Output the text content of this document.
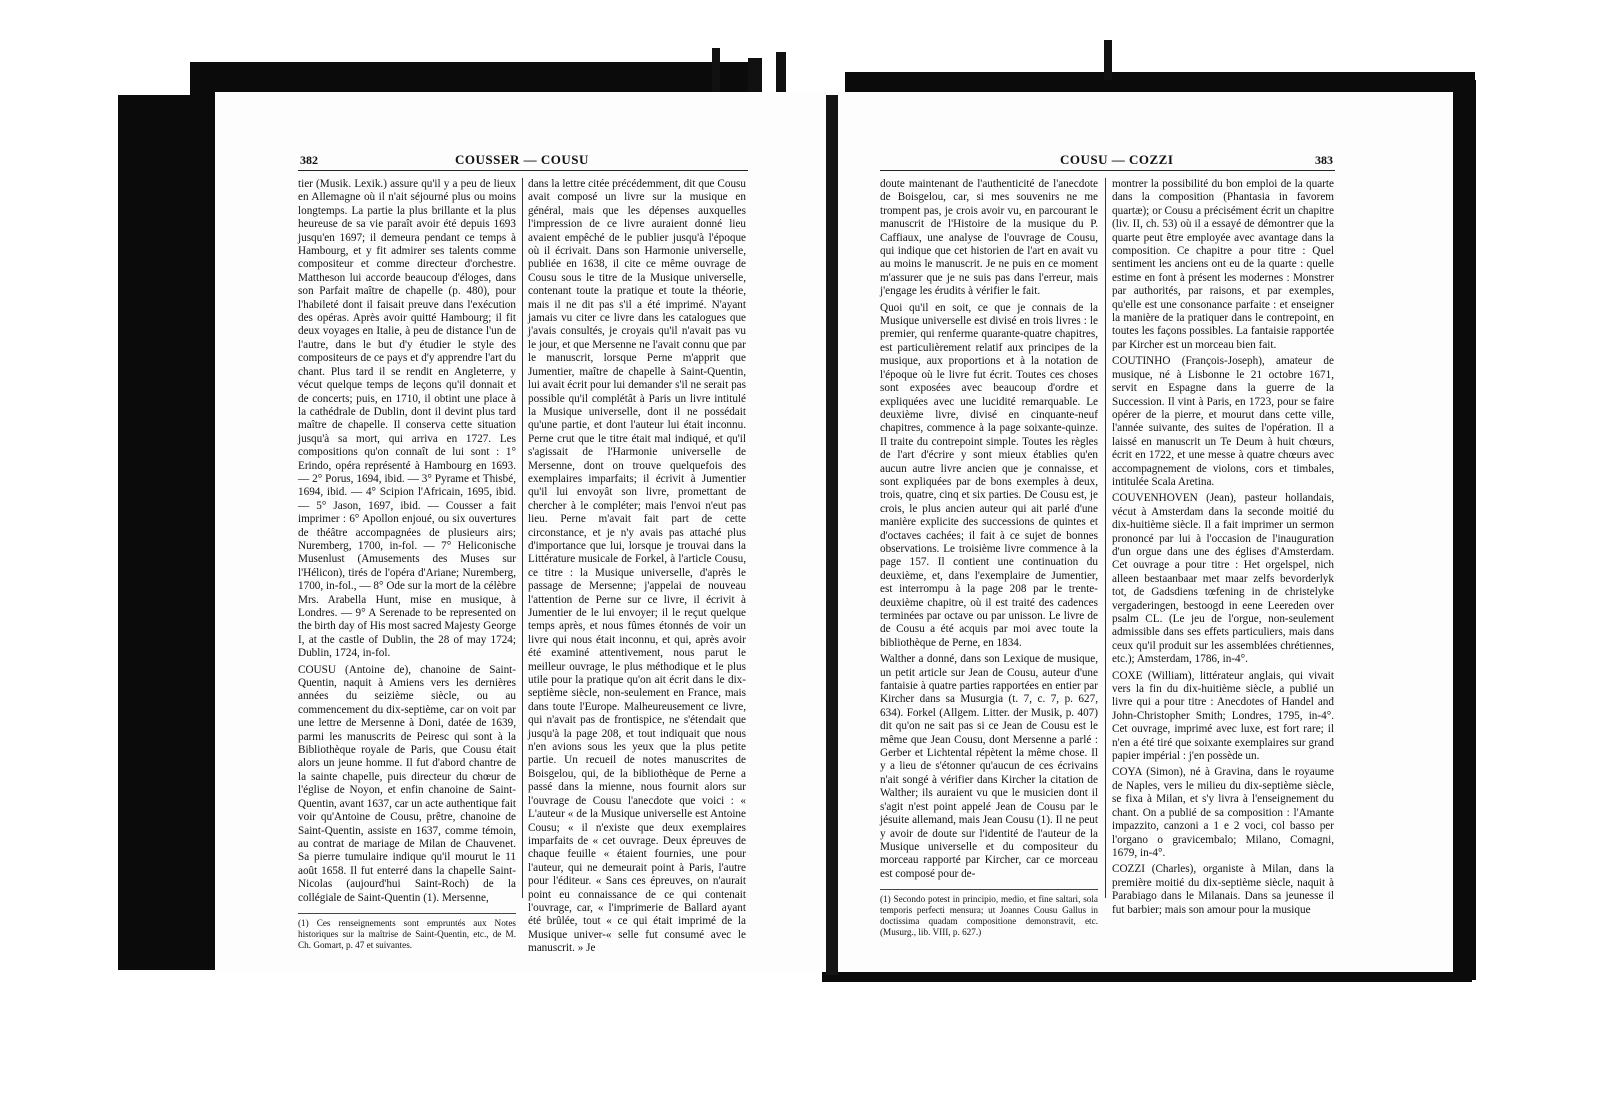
382	COUSSER — COUSU

tier (Musik. Lexik.) assure qu'il y a peu de lieux en Allemagne où il n'ait séjourné plus ou moins longtemps. La partie la plus brillante et la plus heureuse de sa vie paraît avoir été depuis 1693 jusqu'en 1697; il demeura pendant ce temps à Hambourg, et y fit admirer ses talents comme compositeur et comme directeur d'orchestre. Mattheson lui accorde beaucoup d'éloges, dans son Parfait maître de chapelle (p. 480), pour l'habileté dont il faisait preuve dans l'exécution des opéras. Après avoir quitté Hambourg; il fit deux voyages en Italie, à peu de distance l'un de l'autre, dans le but d'y étudier le style des compositeurs de ce pays et d'y apprendre l'art du chant. Plus tard il se rendit en Angleterre, y vécut quelque temps de leçons qu'il donnait et de concerts; puis, en 1710, il obtint une place à la cathédrale de Dublin, dont il devint plus tard maître de chapelle. Il conserva cette situation jusqu'à sa mort, qui arriva en 1727. Les compositions qu'on connaît de lui sont : 1° Erindo, opéra représenté à Hambourg en 1693. — 2° Porus, 1694, ibid. — 3° Pyrame et Thisbé, 1694, ibid. — 4° Scipion l'Africain, 1695, ibid. — 5° Jason, 1697, ibid. — Cousser a fait imprimer : 6° Apollon enjoué, ou six ouvertures de théâtre accompagnées de plusieurs airs; Nuremberg, 1700, in-fol. — 7° Heliconische Musenlust (Amusements des Muses sur l'Hélicon), tirés de l'opéra d'Ariane; Nuremberg, 1700, in-fol., — 8° Ode sur la mort de la célèbre Mrs. Arabella Hunt, mise en musique, à Londres. — 9° A Serenade to be represented on the birth day of His most sacred Majesty George I, at the castle of Dublin, the 28 of may 1724; Dublin, 1724, in-fol.

COUSU (Antoine de), chanoine de Saint-Quentin, naquit à Amiens vers les dernières années du seizième siècle, ou au commencement du dix-septième, car on voit par une lettre de Mersenne à Doni, datée de 1639, parmi les manuscrits de Peiresc qui sont à la Bibliothèque royale de Paris, que Cousu était alors un jeune homme. Il fut d'abord chantre de la sainte chapelle, puis directeur du chœur de l'église de Noyon, et enfin chanoine de Saint-Quentin, avant 1637, car un acte authentique fait voir qu'Antoine de Cousu, prêtre, chanoine de Saint-Quentin, assiste en 1637, comme témoin, au contrat de mariage de Milan de Chauvenet. Sa pierre tumulaire indique qu'il mourut le 11 août 1658. Il fut enterré dans la chapelle Saint-Nicolas (aujourd'hui Saint-Roch) de la collégiale de Saint-Quentin (1). Mersenne,

(1) Ces renseignements sont empruntés aux Notes historiques sur la maîtrise de Saint-Quentin, etc., de M. Ch. Gomart, p. 47 et suivantes.

dans la lettre citée précédemment, dit que Cousu avait composé un livre sur la musique en général, mais que les dépenses auxquelles l'impression de ce livre auraient donné lieu avaient empêché de le publier jusqu'à l'époque où il écrivait. Dans son Harmonie universelle, publiée en 1638, il cite ce même ouvrage de Cousu sous le titre de la Musique universelle, contenant toute la pratique et toute la théorie, mais il ne dit pas s'il a été imprimé. N'ayant jamais vu citer ce livre dans les catalogues que j'avais consultés, je croyais qu'il n'avait pas vu le jour, et que Mersenne ne l'avait connu que par le manuscrit, lorsque Perne m'apprit que Jumentier, maître de chapelle à Saint-Quentin, lui avait écrit pour lui demander s'il ne serait pas possible qu'il complétât à Paris un livre intitulé la Musique universelle, dont il ne possédait qu'une partie, et dont l'auteur lui était inconnu. Perne crut que le titre était mal indiqué, et qu'il s'agissait de l'Harmonie universelle de Mersenne, dont on trouve quelquefois des exemplaires imparfaits; il écrivit à Jumentier qu'il lui envoyât son livre, promettant de chercher à le compléter; mais l'envoi n'eut pas lieu. Perne m'avait fait part de cette circonstance, et je n'y avais pas attaché plus d'importance que lui, lorsque je trouvai dans la Littérature musicale de Forkel, à l'article Cousu, ce titre : la Musique universelle, d'après le passage de Mersenne; j'appelai de nouveau l'attention de Perne sur ce livre, il écrivit à Jumentier de le lui envoyer; il le reçut quelque temps après, et nous fûmes étonnés de voir un livre qui nous était inconnu, et qui, après avoir été examiné attentivement, nous parut le meilleur ouvrage, le plus méthodique et le plus utile pour la pratique qu'on ait écrit dans le dix-septième siècle, non-seulement en France, mais dans toute l'Europe. Malheureusement ce livre, qui n'avait pas de frontispice, ne s'étendait que jusqu'à la page 208, et tout indiquait que nous n'en avions sous les yeux que la plus petite partie. Un recueil de notes manuscrites de Boisgelou, qui, de la bibliothèque de Perne a passé dans la mienne, nous fournit alors sur l'ouvrage de Cousu l'anecdote que voici : « L'auteur « de la Musique universelle est Antoine Cousu; « il n'existe que deux exemplaires imparfaits de « cet ouvrage. Deux épreuves de chaque feuille « étaient fournies, une pour l'auteur, qui ne demeurait point à Paris, l'autre pour l'éditeur. « Sans ces épreuves, on n'aurait point eu connaissance de ce qui contenait l'ouvrage, car, « l'imprimerie de Ballard ayant été brûlée, tout « ce qui était imprimé de la Musique univer-« selle fut consumé avec le manuscrit. » Je

COUSU — COZZI	383

doute maintenant de l'authenticité de l'anecdote de Boisgelou, car, si mes souvenirs ne me trompent pas, je crois avoir vu, en parcourant le manuscrit de l'Histoire de la musique du P. Caffiaux, une analyse de l'ouvrage de Cousu, qui indique que cet historien de l'art en avait vu au moins le manuscrit. Je ne puis en ce moment m'assurer que je ne suis pas dans l'erreur, mais j'engage les érudits à vérifier le fait.

Quoi qu'il en soit, ce que je connais de la Musique universelle est divisé en trois livres : le premier, qui renferme quarante-quatre chapitres, est particulièrement relatif aux principes de la musique, aux proportions et à la notation de l'époque où le livre fut écrit. Toutes ces choses sont exposées avec beaucoup d'ordre et expliquées avec une lucidité remarquable. Le deuxième livre, divisé en cinquante-neuf chapitres, commence à la page soixante-quinze. Il traite du contrepoint simple. Toutes les règles de l'art d'écrire y sont mieux établies qu'en aucun autre livre ancien que je connaisse, et sont expliquées par de bons exemples à deux, trois, quatre, cinq et six parties. De Cousu est, je crois, le plus ancien auteur qui ait parlé d'une manière explicite des successions de quintes et d'octaves cachées; il fait à ce sujet de bonnes observations. Le troisième livre commence à la page 157. Il contient une continuation du deuxième, et, dans l'exemplaire de Jumentier, est interrompu à la page 208 par le trente-deuxième chapitre, où il est traité des cadences terminées par octave ou par unisson. Le livre de de Cousu a été acquis par moi avec toute la bibliothèque de Perne, en 1834.

Walther a donné, dans son Lexique de musique, un petit article sur Jean de Cousu, auteur d'une fantaisie à quatre parties rapportées en entier par Kircher dans sa Musurgia (t. 7, c. 7, p. 627, 634). Forkel (Allgem. Litter. der Musik, p. 407) dit qu'on ne sait pas si ce Jean de Cousu est le même que Jean Cousu, dont Mersenne a parlé : Gerber et Lichtental répètent la même chose. Il y a lieu de s'étonner qu'aucun de ces écrivains n'ait songé à vérifier dans Kircher la citation de Walther; ils auraient vu que le musicien dont il s'agit n'est point appelé Jean de Cousu par le jésuite allemand, mais Jean Cousu (1). Il ne peut y avoir de doute sur l'identité de l'auteur de la Musique universelle et du compositeur du morceau rapporté par Kircher, car ce morceau est composé pour de-

(1) Secondo potest in principio, medio, et fine saltari, sola temporis perfecti mensura; ut Joannes Cousu Gallus in doctissima quadam compositione demonstravit, etc. (Musurg., lib. VIII, p. 627.)

montrer la possibilité du bon emploi de la quarte dans la composition (Phantasia in favorem quartæ); or Cousu a précisément écrit un chapitre (liv. II, ch. 53) où il a essayé de démontrer que la quarte peut être employée avec avantage dans la composition. Ce chapitre a pour titre : Quel sentiment les anciens ont eu de la quarte : quelle estime en font à présent les modernes : Monstrer par authorités, par raisons, et par exemples, qu'elle est une consonance parfaite : et enseigner la manière de la pratiquer dans le contrepoint, en toutes les façons possibles. La fantaisie rapportée par Kircher est un morceau bien fait.

COUTINHO (François-Joseph), amateur de musique, né à Lisbonne le 21 octobre 1671, servit en Espagne dans la guerre de la Succession. Il vint à Paris, en 1723, pour se faire opérer de la pierre, et mourut dans cette ville, l'année suivante, des suites de l'opération. Il a laissé en manuscrit un Te Deum à huit chœurs, écrit en 1722, et une messe à quatre chœurs avec accompagnement de violons, cors et timbales, intitulée Scala Aretina.

COUVENHOVEN (Jean), pasteur hollandais, vécut à Amsterdam dans la seconde moitié du dix-huitième siècle. Il a fait imprimer un sermon prononcé par lui à l'occasion de l'inauguration d'un orgue dans une des églises d'Amsterdam. Cet ouvrage a pour titre : Het orgelspel, nich alleen bestaanbaar met maar zelfs bevorderlyk tot, de Gadsdiens tœfening in de christelyke vergaderingen, bestoogd in eene Leereden over psalm CL. (Le jeu de l'orgue, non-seulement admissible dans ses effets particuliers, mais dans ceux qu'il produit sur les assemblées chrétiennes, etc.); Amsterdam, 1786, in-4°.

COXE (William), littérateur anglais, qui vivait vers la fin du dix-huitième siècle, a publié un livre qui a pour titre : Anecdotes of Handel and John-Christopher Smith; Londres, 1795, in-4°. Cet ouvrage, imprimé avec luxe, est fort rare; il n'en a été tiré que soixante exemplaires sur grand papier impérial : j'en possède un.

COYA (Simon), né à Gravina, dans le royaume de Naples, vers le milieu du dix-septième siècle, se fixa à Milan, et s'y livra à l'enseignement du chant. On a publié de sa composition : l'Amante impazzito, canzoni a 1 e 2 voci, col basso per l'organo o gravicembalo; Milano, Comagni, 1679, in-4°.

COZZI (Charles), organiste à Milan, dans la première moitié du dix-septième siècle, naquit à Parabiago dans le Milanais. Dans sa jeunesse il fut barbier; mais son amour pour la musique
